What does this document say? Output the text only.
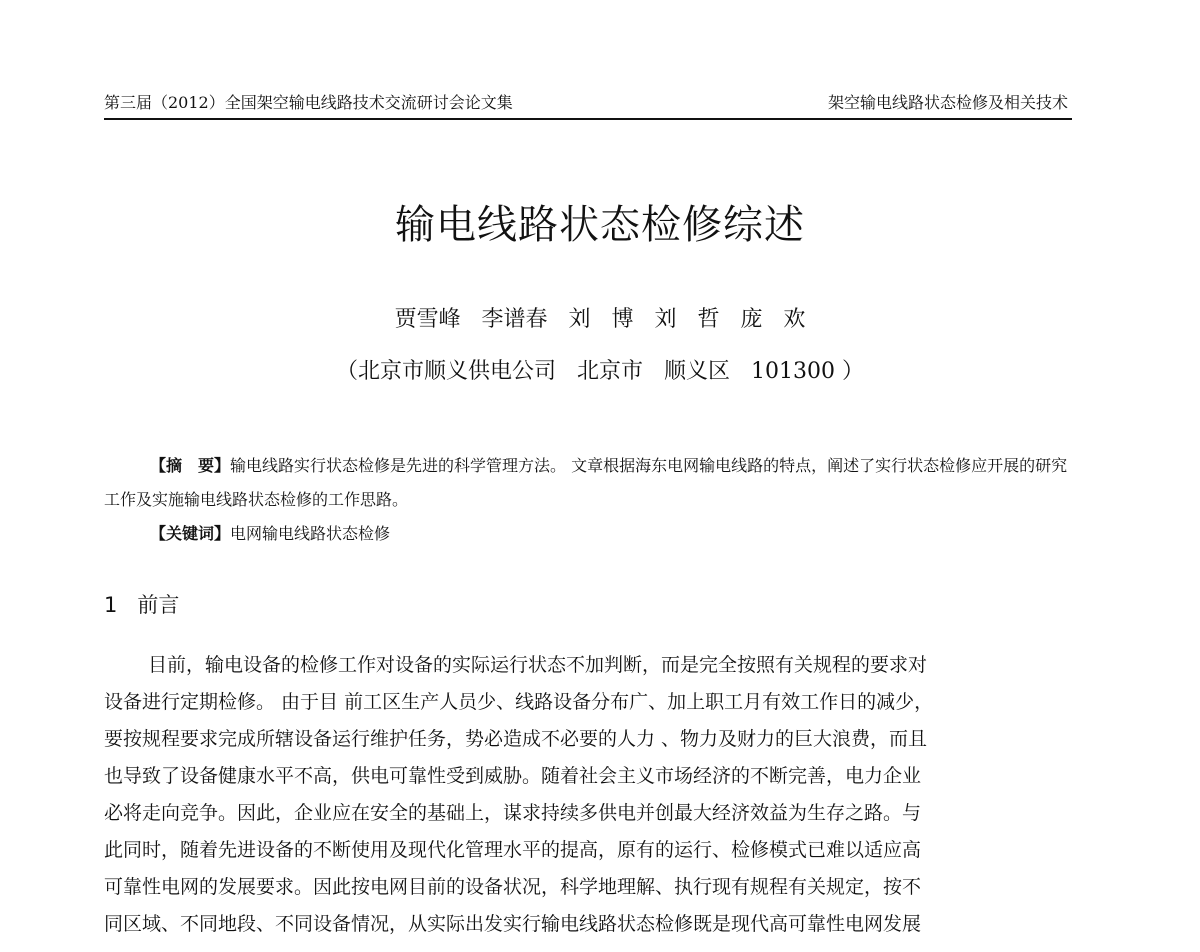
第三届（2012）全国架空输电线路技术交流研讨会论文集	架空输电线路状态检修及相关技术
输电线路状态检修综述
贾雪峰   李谱春   刘   博   刘   哲   庞   欢
（北京市顺义供电公司   北京市   顺义区   101300 ）
【摘　要】输电线路实行状态检修是先进的科学管理方法。 文章根据海东电网输电线路的特点，阐述了实行状态检修应开展的研究工作及实施输电线路状态检修的工作思路。
【关键词】电网输电线路状态检修
1 前言
目前，输电设备的检修工作对设备的实际运行状态不加判断，而是完全按照有关规程的要求对
设备进行定期检修。 由于目 前工区生产人员少、线路设备分布广、加上职工月有效工作日的减少，
要按规程要求完成所辖设备运行维护任务，势必造成不必要的人力 、物力及财力的巨大浪费，而且
也导致了设备健康水平不高，供电可靠性受到威胁。随着社会主义市场经济的不断完善，电力企业
必将走向竞争。因此，企业应在安全的基础上，谋求持续多供电并创最大经济效益为生存之路。与
此同时，随着先进设备的不断使用及现代化管理水平的提高，原有的运行、检修模式已难以适应高
可靠性电网的发展要求。因此按电网目前的设备状况，科学地理解、执行现有规程有关规定，按不
同区域、不同地段、不同设备情况，从实际出发实行输电线路状态检修既是现代高可靠性电网发展
